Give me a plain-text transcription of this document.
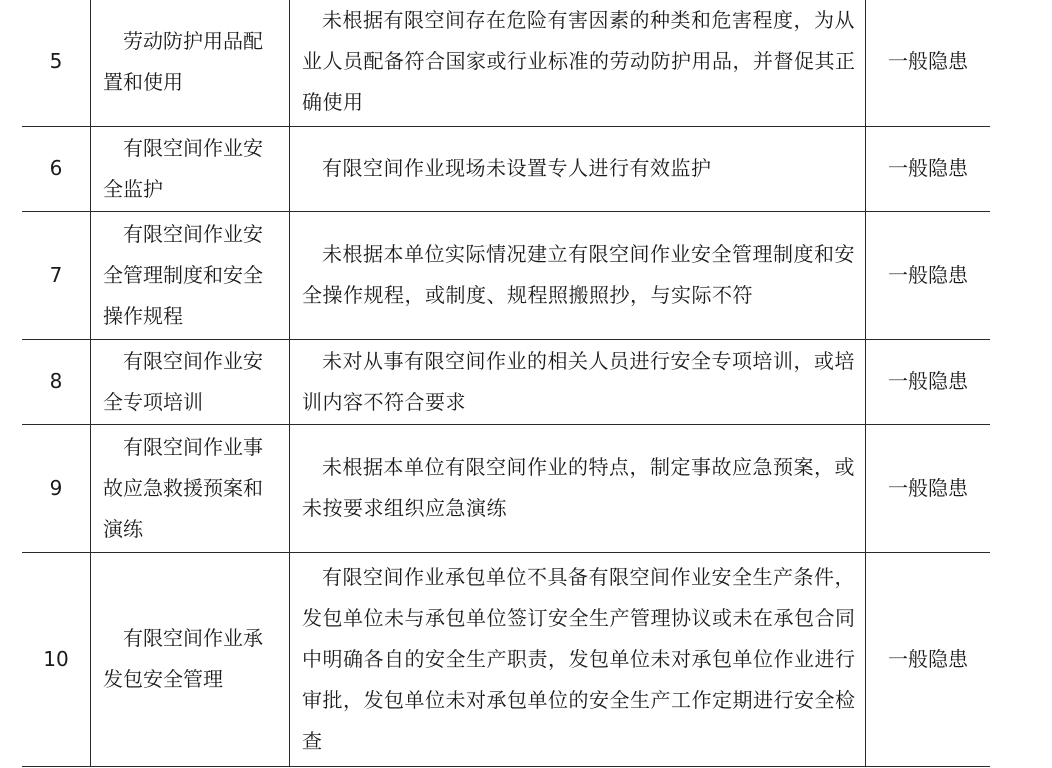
5	劳动防护用品配置和使用	未根据有限空间存在危险有害因素的种类和危害程度，为从业人员配备符合国家或行业标准的劳动防护用品，并督促其正确使用	一般隐患
6	有限空间作业安全监护	有限空间作业现场未设置专人进行有效监护	一般隐患
7	有限空间作业安全管理制度和安全操作规程	未根据本单位实际情况建立有限空间作业安全管理制度和安全操作规程，或制度、规程照搬照抄，与实际不符	一般隐患
8	有限空间作业安全专项培训	未对从事有限空间作业的相关人员进行安全专项培训，或培训内容不符合要求	一般隐患
9	有限空间作业事故应急救援预案和演练	未根据本单位有限空间作业的特点，制定事故应急预案，或未按要求组织应急演练	一般隐患
10	有限空间作业承发包安全管理	有限空间作业承包单位不具备有限空间作业安全生产条件，发包单位未与承包单位签订安全生产管理协议或未在承包合同中明确各自的安全生产职责，发包单位未对承包单位作业进行审批，发包单位未对承包单位的安全生产工作定期进行安全检查	一般隐患
